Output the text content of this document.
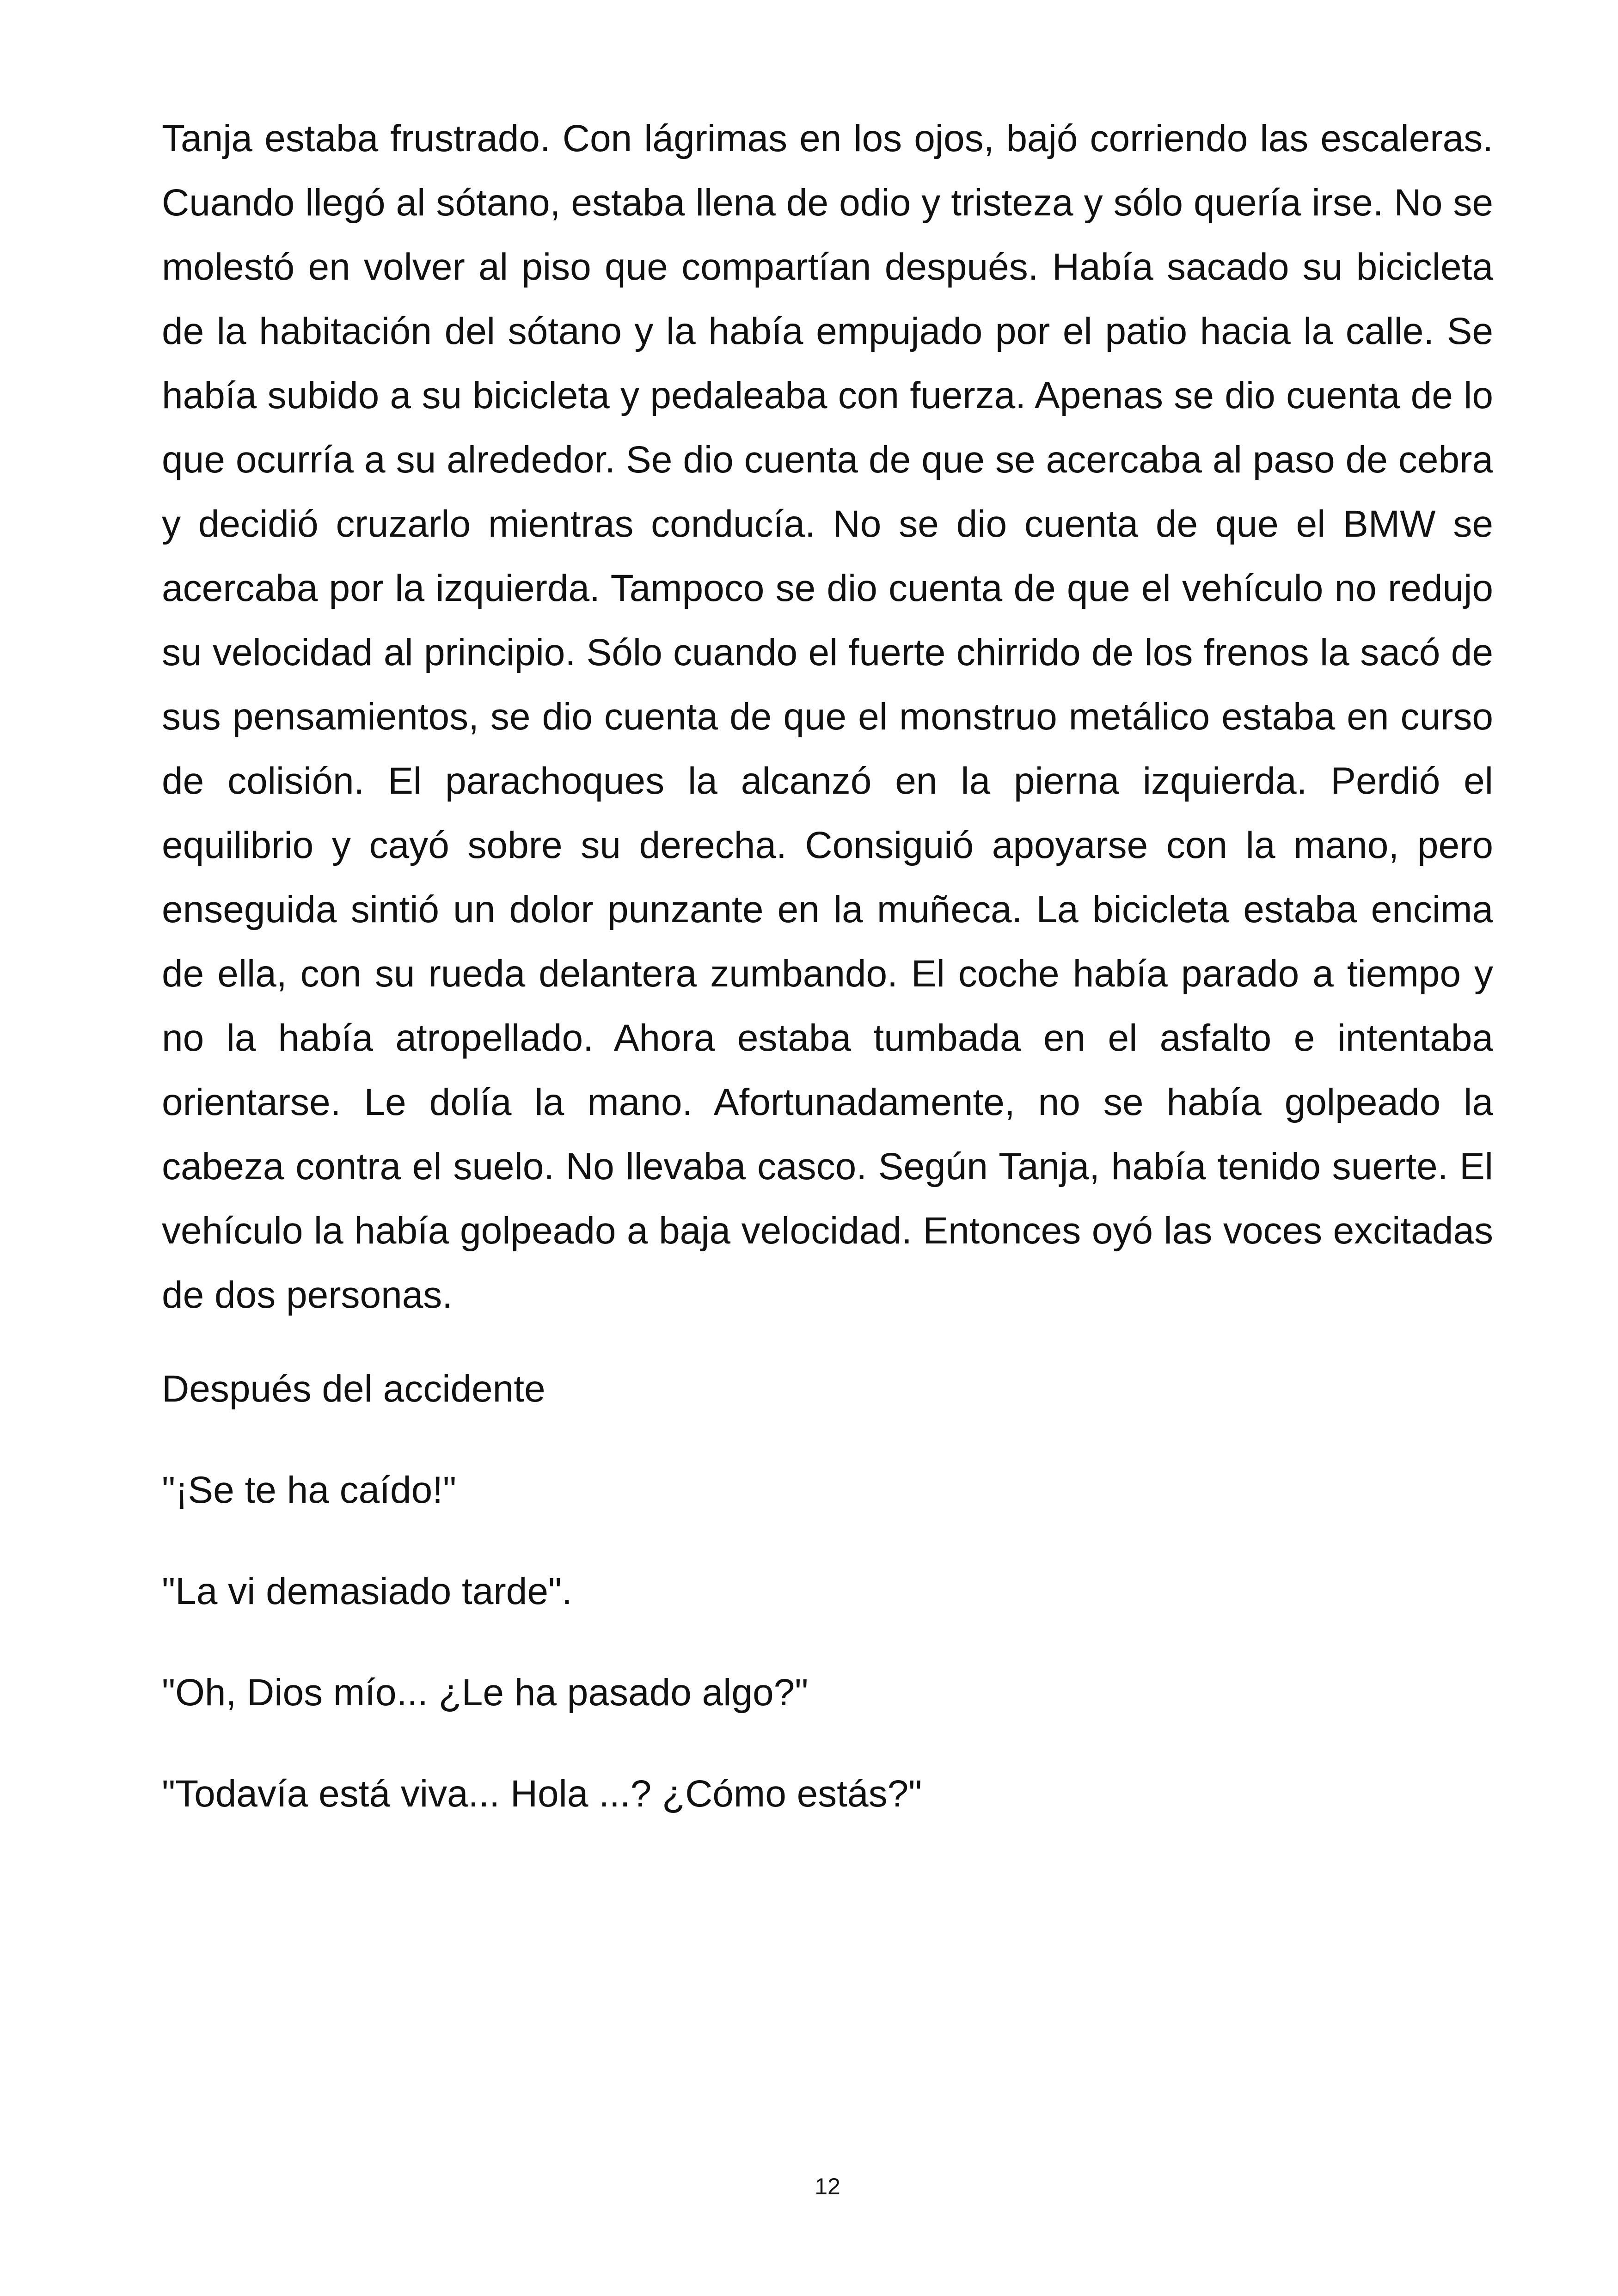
Tanja estaba frustrado. Con lágrimas en los ojos, bajó corriendo las escaleras. Cuando llegó al sótano, estaba llena de odio y tristeza y sólo quería irse. No se molestó en volver al piso que compartían después. Había sacado su bicicleta de la habitación del sótano y la había empujado por el patio hacia la calle. Se había subido a su bicicleta y pedaleaba con fuerza. Apenas se dio cuenta de lo que ocurría a su alrededor. Se dio cuenta de que se acercaba al paso de cebra y decidió cruzarlo mientras conducía. No se dio cuenta de que el BMW se acercaba por la izquierda. Tampoco se dio cuenta de que el vehículo no redujo su velocidad al principio. Sólo cuando el fuerte chirrido de los frenos la sacó de sus pensamientos, se dio cuenta de que el monstruo metálico estaba en curso de colisión. El parachoques la alcanzó en la pierna izquierda. Perdió el equilibrio y cayó sobre su derecha. Consiguió apoyarse con la mano, pero enseguida sintió un dolor punzante en la muñeca. La bicicleta estaba encima de ella, con su rueda delantera zumbando. El coche había parado a tiempo y no la había atropellado. Ahora estaba tumbada en el asfalto e intentaba orientarse. Le dolía la mano. Afortunadamente, no se había golpeado la cabeza contra el suelo. No llevaba casco. Según Tanja, había tenido suerte. El vehículo la había golpeado a baja velocidad. Entonces oyó las voces excitadas de dos personas.

Después del accidente

"¡Se te ha caído!"

"La vi demasiado tarde".

"Oh, Dios mío... ¿Le ha pasado algo?"

"Todavía está viva... Hola ...? ¿Cómo estás?"

12
